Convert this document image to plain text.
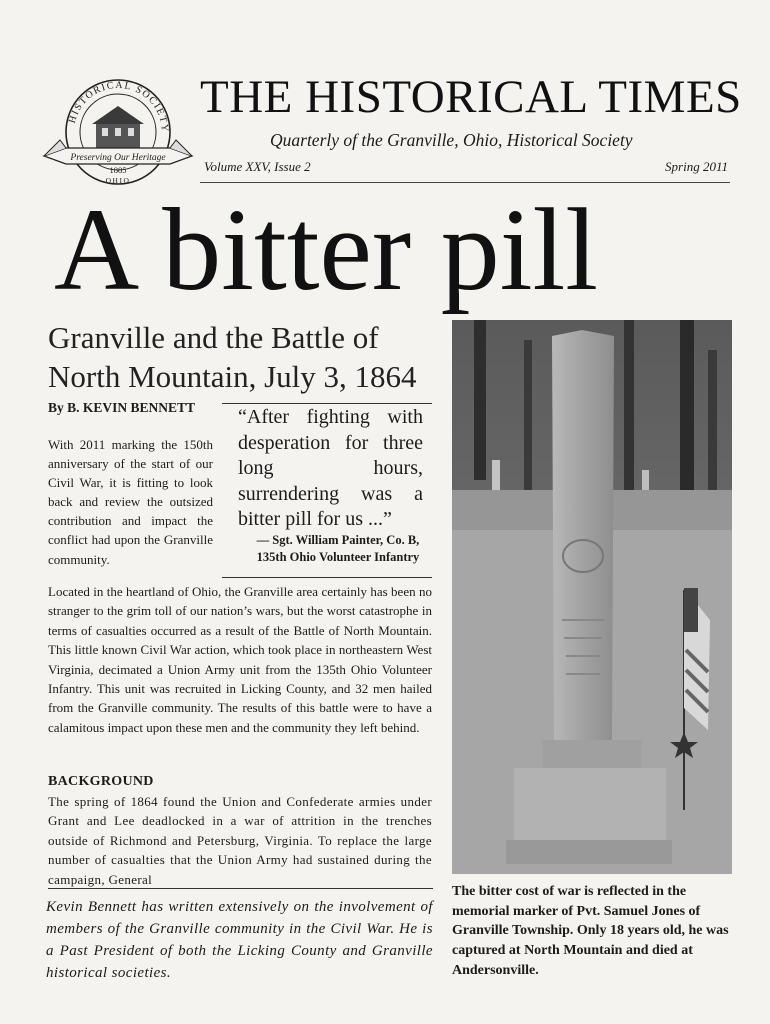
HISTORICAL SOCIETY
Preserving Our Heritage
1885
OHIO
THE HISTORICAL TIMES
Quarterly of the Granville, Ohio, Historical Society
Volume XXV, Issue 2	Spring 2011
A bitter pill
Granville and the Battle of North Mountain, July 3, 1864
By B. KEVIN BENNETT

With 2011 marking the 150th anniversary of the start of our Civil War, it is fitting to look back and review the outsized contribution and impact the conflict had upon the Granville community.

“After fighting with desperation for three long hours, surrendering was a bitter pill for us ...”

— Sgt. William Painter, Co. B, 135th Ohio Volunteer Infantry

Located in the heartland of Ohio, the Granville area certainly has been no stranger to the grim toll of our nation’s wars, but the worst catastrophe in terms of casualties occurred as a result of the Battle of North Mountain. This little known Civil War action, which took place in northeastern West Virginia, decimated a Union Army unit from the 135th Ohio Volunteer Infantry. This unit was recruited in Licking County, and 32 men hailed from the Granville community. The results of this battle were to have a calamitous impact upon these men and the community they left behind.

BACKGROUND

The spring of 1864 found the Union and Confederate armies under Grant and Lee deadlocked in a war of attrition in the trenches outside of Richmond and Petersburg, Virginia. To replace the large number of casualties that the Union Army had sustained during the campaign, General

Kevin Bennett has written extensively on the involvement of members of the Granville community in the Civil War. He is a Past President of both the Licking County and Granville historical societies.

The bitter cost of war is reflected in the memorial marker of Pvt. Samuel Jones of Granville Township. Only 18 years old, he was captured at North Mountain and died at Andersonville.
